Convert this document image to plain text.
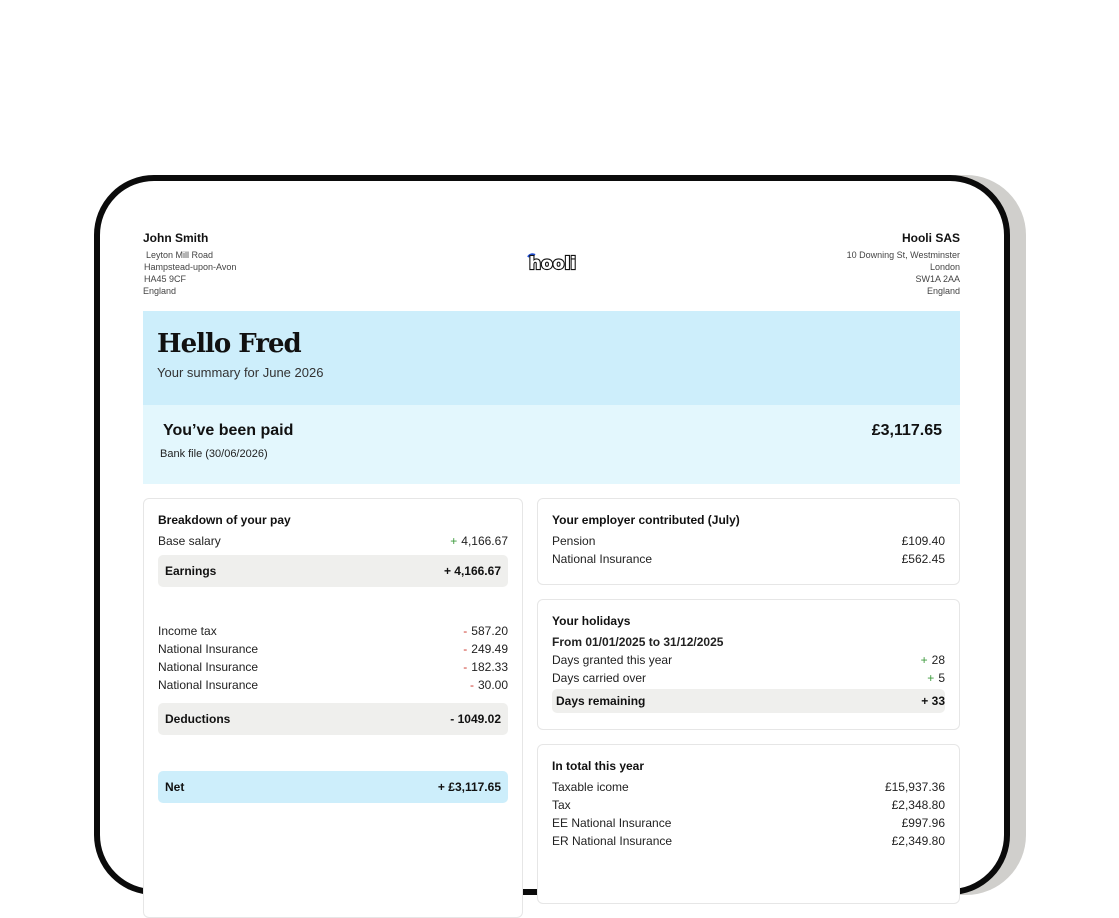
John Smith
Leyton Mill Road
Hampstead-upon-Avon
HA45 9CF
England
hooli
Hooli SAS
10 Downing St, Westminster
London
SW1A 2AA
England
Hello Fred
Your summary for June 2026
You’ve been paid
Bank file (30/06/2026)
£3,117.65
Breakdown of your pay
Base salary	+ 4,166.67
Earnings	+ 4,166.67
Income tax	- 587.20
National Insurance	- 249.49
National Insurance	- 182.33
National Insurance	- 30.00
Deductions	- 1049.02
Net	+ £3,117.65
Your employer contributed (July)
Pension	£109.40
National Insurance	£562.45
Your holidays
From 01/01/2025 to 31/12/2025
Days granted this year	+ 28
Days carried over	+ 5
Days remaining	+ 33
In total this year
Taxable icome	£15,937.36
Tax	£2,348.80
EE National Insurance	£997.96
ER National Insurance	£2,349.80
